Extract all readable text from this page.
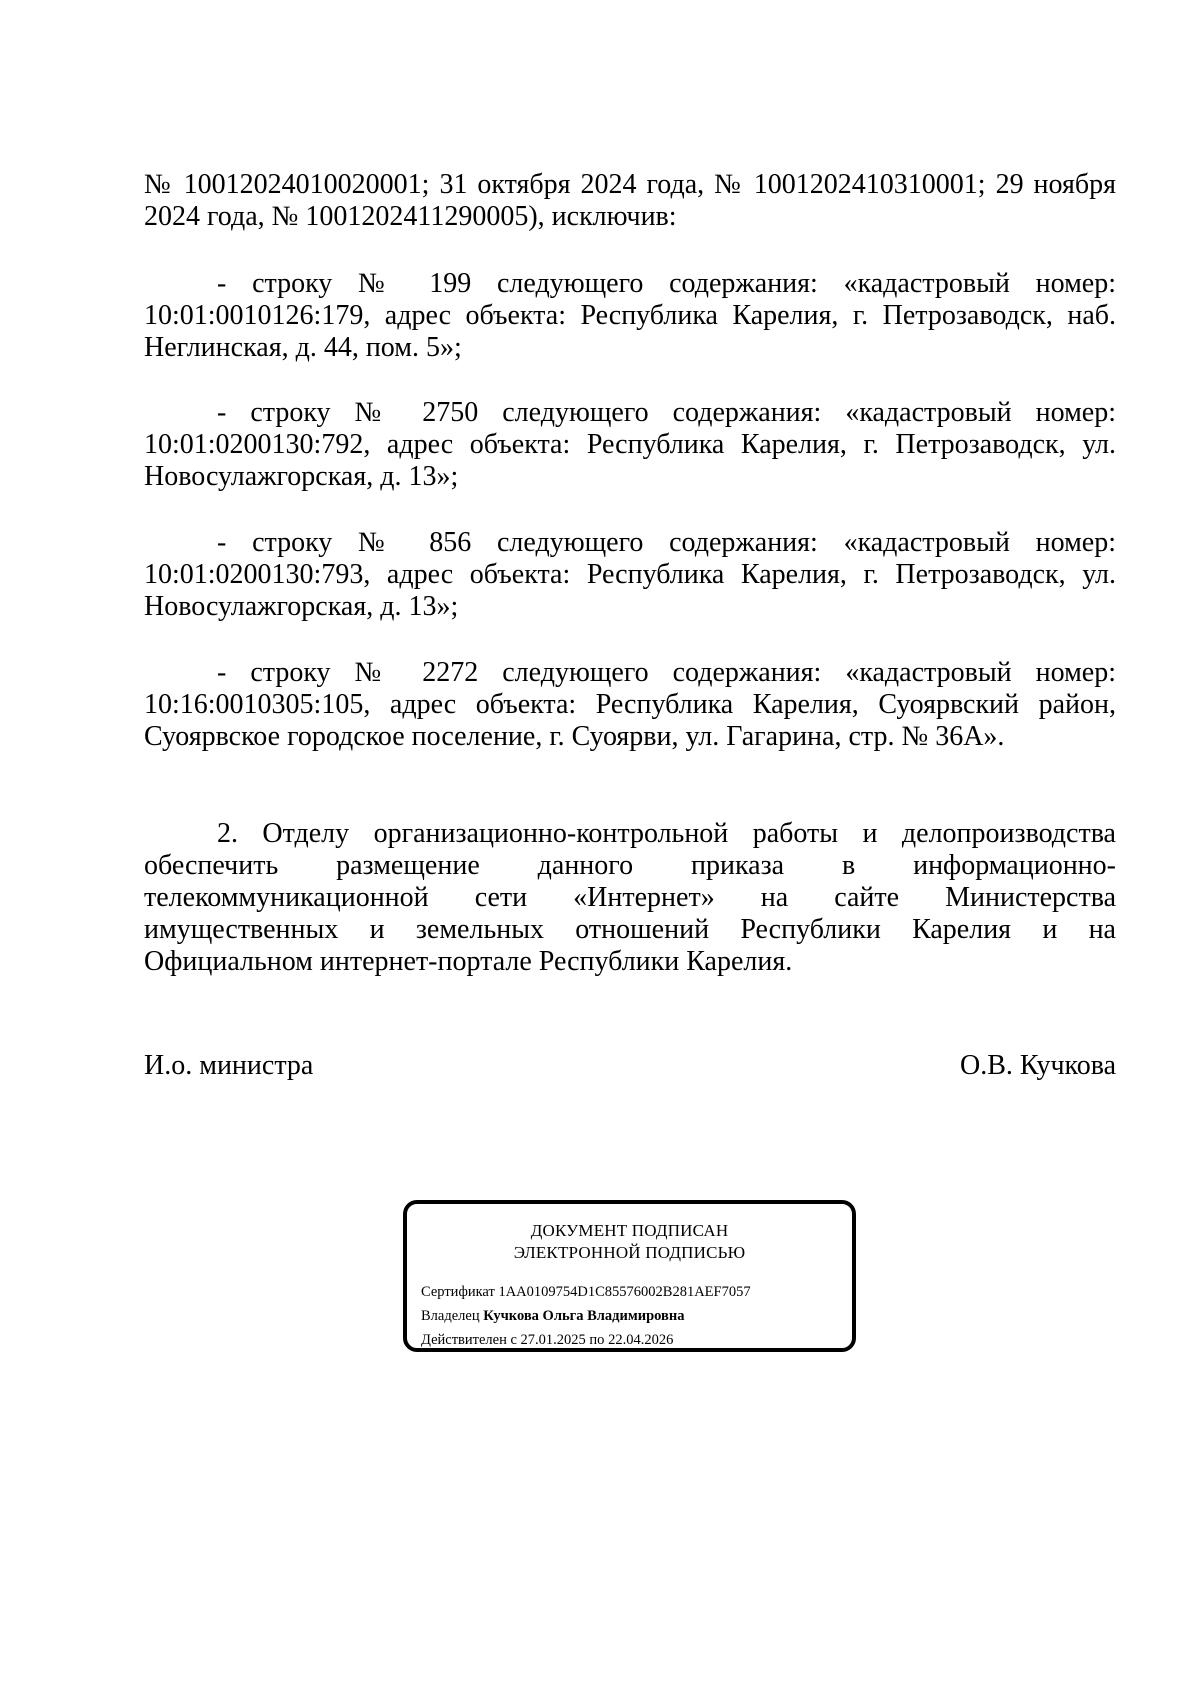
№ 10012024010020001; 31 октября 2024 года, № 1001202410310001; 29 ноября 2024 года, № 1001202411290005), исключив:

- строку № 199 следующего содержания: «кадастровый номер: 10:01:0010126:179, адрес объекта: Республика Карелия, г. Петрозаводск, наб. Неглинская, д. 44, пом. 5»;

- строку № 2750 следующего содержания: «кадастровый номер: 10:01:0200130:792, адрес объекта: Республика Карелия, г. Петрозаводск, ул. Новосулажгорская, д. 13»;

- строку № 856 следующего содержания: «кадастровый номер: 10:01:0200130:793, адрес объекта: Республика Карелия, г. Петрозаводск, ул. Новосулажгорская, д. 13»;

- строку № 2272 следующего содержания: «кадастровый номер: 10:16:0010305:105, адрес объекта: Республика Карелия, Суоярвский район, Суоярвское городское поселение, г. Суоярви, ул. Гагарина, стр. № 36А».

2. Отделу организационно-контрольной работы и делопроизводства обеспечить размещение данного приказа в информационно-телекоммуникационной сети «Интернет» на сайте Министерства имущественных и земельных отношений Республики Карелия и на Официальном интернет-портале Республики Карелия.

И.о. министра	О.В. Кучкова
ДОКУМЕНТ ПОДПИСАН
ЭЛЕКТРОННОЙ ПОДПИСЬЮ
Сертификат 1AA0109754D1C85576002B281AEF7057
Владелец Кучкова Ольга Владимировна
Действителен с 27.01.2025 по 22.04.2026
